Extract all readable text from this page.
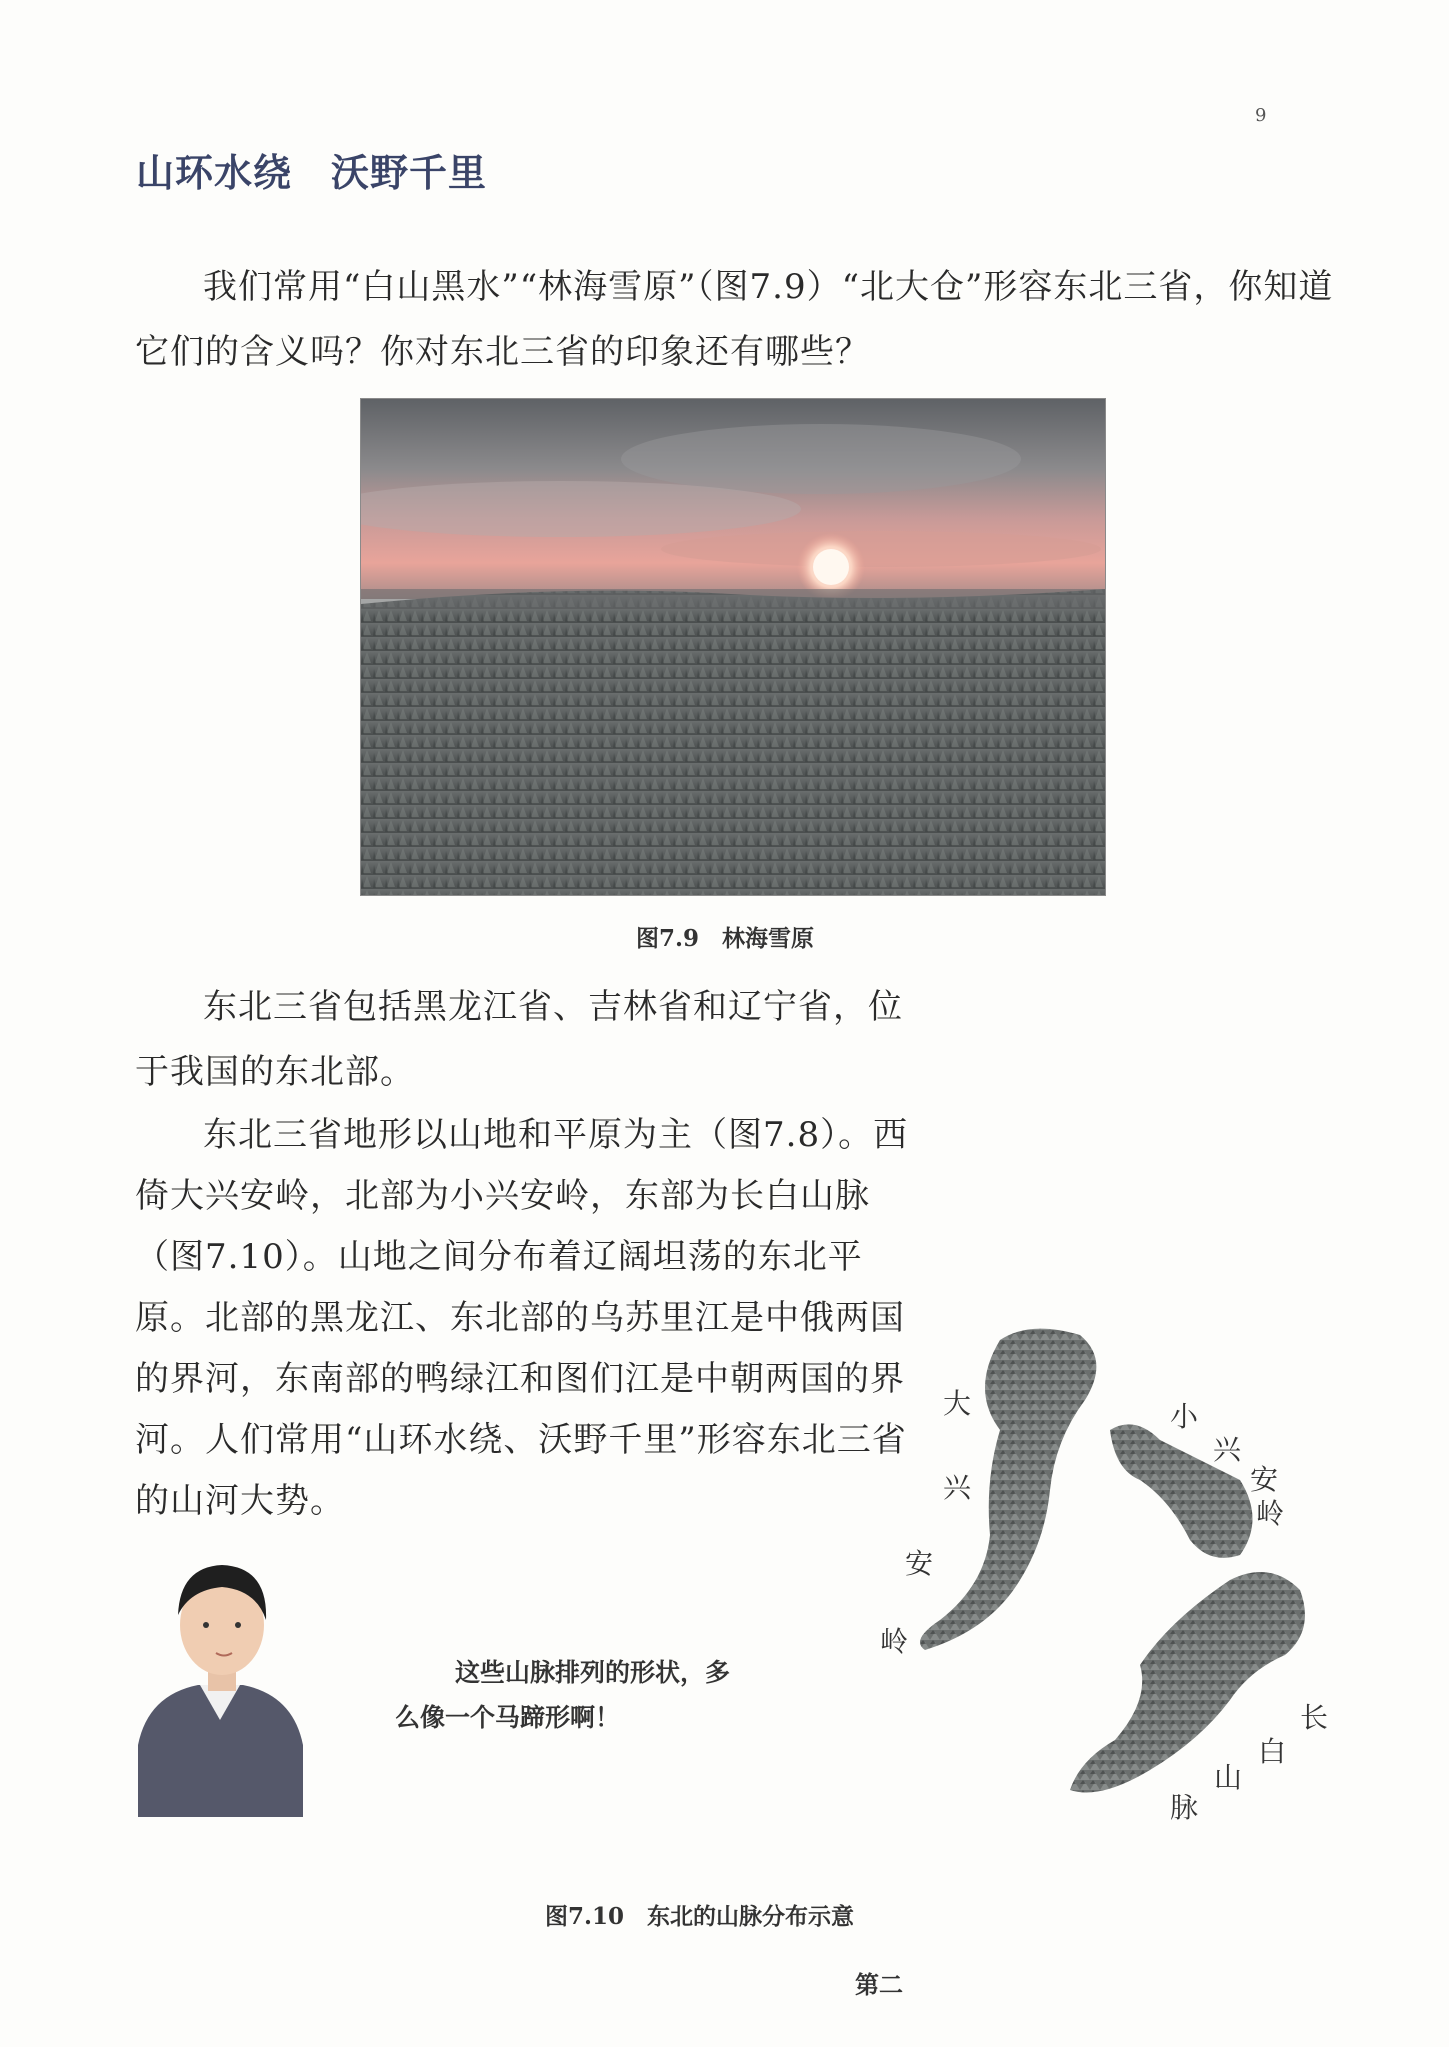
9
山环水绕　沃野千里
我们常用“白山黑水”“林海雪原”（图7.9）“北大仓”形容东北三省，你知道它们的含义吗？你对东北三省的印象还有哪些？
图7.9　林海雪原
东北三省包括黑龙江省、吉林省和辽宁省，位于我国的东北部。
东北三省地形以山地和平原为主（图7.8）。西倚大兴安岭，北部为小兴安岭，东部为长白山脉（图7.10）。山地之间分布着辽阔坦荡的东北平原。北部的黑龙江、东北部的乌苏里江是中俄两国的界河，东南部的鸭绿江和图们江是中朝两国的界河。人们常用“山环水绕、沃野千里”形容东北三省的山河大势。
这些山脉排列的形状，多
么像一个马蹄形啊！
大
兴
安
岭
小
兴
安
岭
长
白
山
脉
图7.10　东北的山脉分布示意
第二
